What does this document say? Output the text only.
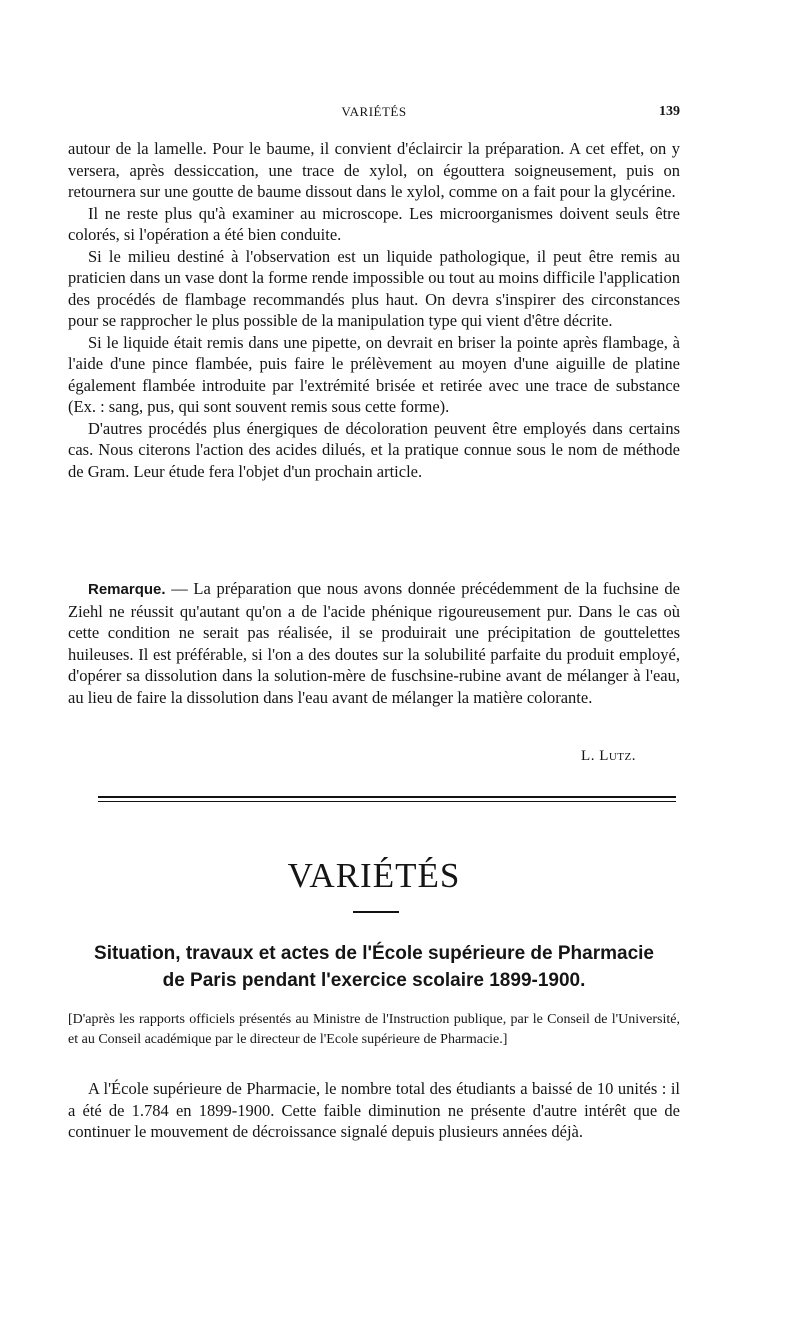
VARIÉTÉS	139

autour de la lamelle. Pour le baume, il convient d'éclaircir la préparation. A cet effet, on y versera, après dessiccation, une trace de xylol, on égouttera soigneusement, puis on retournera sur une goutte de baume dissout dans le xylol, comme on a fait pour la glycérine.

Il ne reste plus qu'à examiner au microscope. Les microorganismes doivent seuls être colorés, si l'opération a été bien conduite.

Si le milieu destiné à l'observation est un liquide pathologique, il peut être remis au praticien dans un vase dont la forme rende impossible ou tout au moins difficile l'application des procédés de flambage recommandés plus haut. On devra s'inspirer des circonstances pour se rapprocher le plus possible de la manipulation type qui vient d'être décrite.

Si le liquide était remis dans une pipette, on devrait en briser la pointe après flambage, à l'aide d'une pince flambée, puis faire le prélèvement au moyen d'une aiguille de platine également flambée introduite par l'extrémité brisée et retirée avec une trace de substance (Ex. : sang, pus, qui sont souvent remis sous cette forme).

D'autres procédés plus énergiques de décoloration peuvent être employés dans certains cas. Nous citerons l'action des acides dilués, et la pratique connue sous le nom de méthode de Gram. Leur étude fera l'objet d'un prochain article.

Remarque. — La préparation que nous avons donnée précédemment de la fuchsine de Ziehl ne réussit qu'autant qu'on a de l'acide phénique rigoureusement pur. Dans le cas où cette condition ne serait pas réalisée, il se produirait une précipitation de gouttelettes huileuses. Il est préférable, si l'on a des doutes sur la solubilité parfaite du produit employé, d'opérer sa dissolution dans la solution-mère de fuschsine-rubine avant de mélanger à l'eau, au lieu de faire la dissolution dans l'eau avant de mélanger la matière colorante.
L. Lutz.
VARIÉTÉS
Situation, travaux et actes de l'École supérieure de Pharmacie
de Paris pendant l'exercice scolaire 1899-1900.
[D'après les rapports officiels présentés au Ministre de l'Instruction publique, par le Conseil de l'Université, et au Conseil académique par le directeur de l'Ecole supérieure de Pharmacie.]

A l'École supérieure de Pharmacie, le nombre total des étudiants a baissé de 10 unités : il a été de 1.784 en 1899-1900. Cette faible diminution ne présente d'autre intérêt que de continuer le mouvement de décroissance signalé depuis plusieurs années déjà.
